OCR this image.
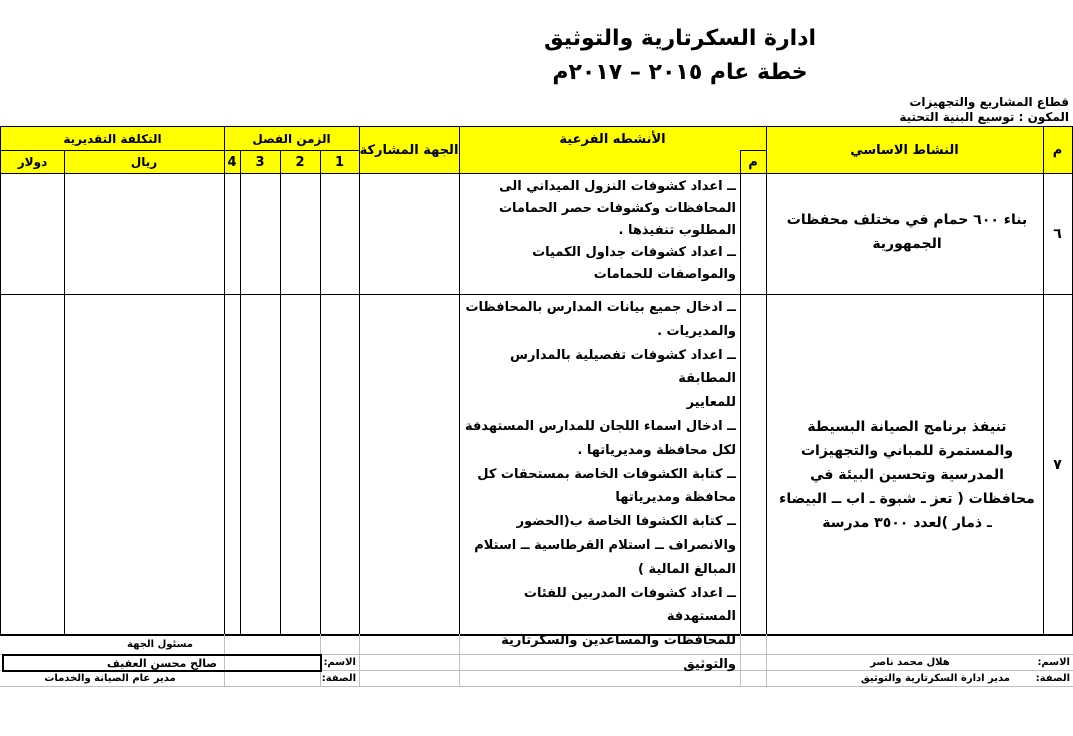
ادارة السكرتارية والتوثيق
خطة عام ٢٠١٥ – ٢٠١٧م
قطاع المشاريع والتجهيزات
المكون : توسيع البنية التحتية
م
النشاط الاساسي
الأنشطه الفرعية
م
الجهة المشاركة
الزمن الفصل
1
2
3
4
التكلفة التقديرية
ريال
دولار
٦
بناء ٦٠٠ حمام في مختلف محفظات الجمهورية
ــ اعداد كشوفات النزول الميداني الى
المحافظات وكشوفات حصر الحمامات
المطلوب تنفيذها .
ــ اعداد كشوفات جداول الكميات
والمواصفات للحمامات
٧
تنيفذ برنامج الصيانة البسيطة والمستمرة للمباني والتجهيزات المدرسية وتحسين البيئة في محافظات ( تعز ـ شبوة ـ اب ــ البيضاء ـ ذمار )لعدد ٣٥٠٠ مدرسة
ــ ادخال جميع بيانات المدارس بالمحافظات
والمديريات .
ــ اعداد كشوفات تفصيلية بالمدارس المطابقة
للمعايير
ــ ادخال اسماء اللجان للمدارس المستهدفة
لكل محافظة ومديرياتها .
ــ كتابة الكشوفات الخاصة بمستحقات كل
محافظة ومديرياتها
ــ كتابة الكشوفا الخاصة ب(الحضور
والانصراف ــ استلام القرطاسية ــ استلام
المبالغ المالية )
ــ اعداد كشوفات المدربين للفئات المستهدفة
للمحافظات والمساعدين والسكرتارية
والتوثيق
مسئول الجهة
صالح محسن العفيف	الاسم:
مدير عام الصيانة والخدمات	الصفة:
الاسم:
هلال محمد ناصر
الصفة:
مدير ادارة السكرتارية والتوثيق
